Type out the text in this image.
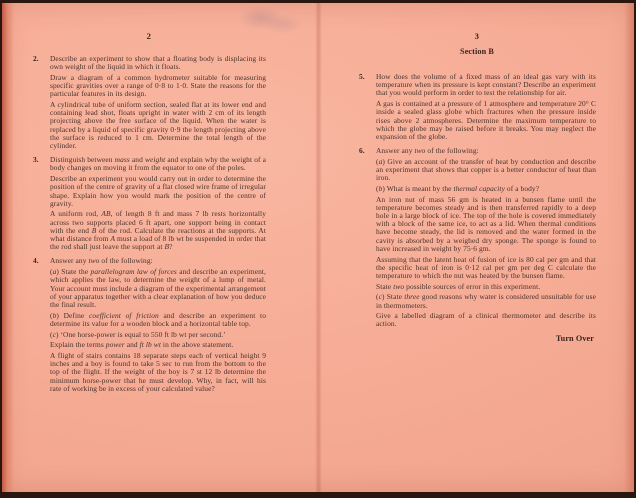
2
2. Describe an experiment to show that a floating body is displacing its own weight of the liquid in which it floats.

Draw a diagram of a common hydrometer suitable for measuring specific gravities over a range of 0·8 to 1·0. State the reasons for the particular features in its design.

A cylindrical tube of uniform section, sealed flat at its lower end and containing lead shot, floats upright in water with 2 cm of its length projecting above the free surface of the liquid. When the water is replaced by a liquid of specific gravity 0·9 the length projecting above the surface is reduced to 1 cm. Determine the total length of the cylinder.

3. Distinguish between mass and weight and explain why the weight of a body changes on moving it from the equator to one of the poles.

Describe an experiment you would carry out in order to determine the position of the centre of gravity of a flat closed wire frame of irregular shape. Explain how you would mark the position of the centre of gravity.

A uniform rod, AB, of length 8 ft and mass 7 lb rests horizontally across two supports placed 6 ft apart, one support being in contact with the end B of the rod. Calculate the reactions at the supports. At what distance from A must a load of 8 lb wt be suspended in order that the rod shall just leave the support at B?

4. Answer any two of the following:

(a) State the parallelogram law of forces and describe an experiment, which applies the law, to determine the weight of a lump of metal. Your account must include a diagram of the experimental arrangement of your apparatus together with a clear explanation of how you deduce the final result.

(b) Define coefficient of friction and describe an experiment to determine its value for a wooden block and a horizontal table top.

(c) ‘One horse-power is equal to 550 ft lb wt per second.’

Explain the terms power and ft lb wt in the above statement.

A flight of stairs contains 18 separate steps each of vertical height 9 inches and a boy is found to take 5 sec to run from the bottom to the top of the flight. If the weight of the boy is 7 st 12 lb determine the minimum horse-power that he must develop. Why, in fact, will his rate of working be in excess of your calculated value?

3
Section B
5. How does the volume of a fixed mass of an ideal gas vary with its temperature when its pressure is kept constant? Describe an experiment that you would perform in order to test the relationship for air.

A gas is contained at a pressure of 1 atmosphere and temperature 20° C inside a sealed glass globe which fractures when the pressure inside rises above 2 atmospheres. Determine the maximum temperature to which the globe may be raised before it breaks. You may neglect the expansion of the globe.

6. Answer any two of the following:

(a) Give an account of the transfer of heat by conduction and describe an experiment that shows that copper is a better conductor of heat than iron.

(b) What is meant by the thermal capacity of a body?

An iron nut of mass 56 gm is heated in a bunsen flame until the temperature becomes steady and is then transferred rapidly to a deep hole in a large block of ice. The top of the hole is covered immediately with a block of the same ice, to act as a lid. When thermal conditions have become steady, the lid is removed and the water formed in the cavity is absorbed by a weighed dry sponge. The sponge is found to have increased in weight by 75·6 gm.

Assuming that the latent heat of fusion of ice is 80 cal per gm and that the specific heat of iron is 0·12 cal per gm per deg C calculate the temperature to which the nut was heated by the bunsen flame.

State two possible sources of error in this experiment.

(c) State three good reasons why water is considered unsuitable for use in thermometers.

Give a labelled diagram of a clinical thermometer and describe its action.

Turn Over
